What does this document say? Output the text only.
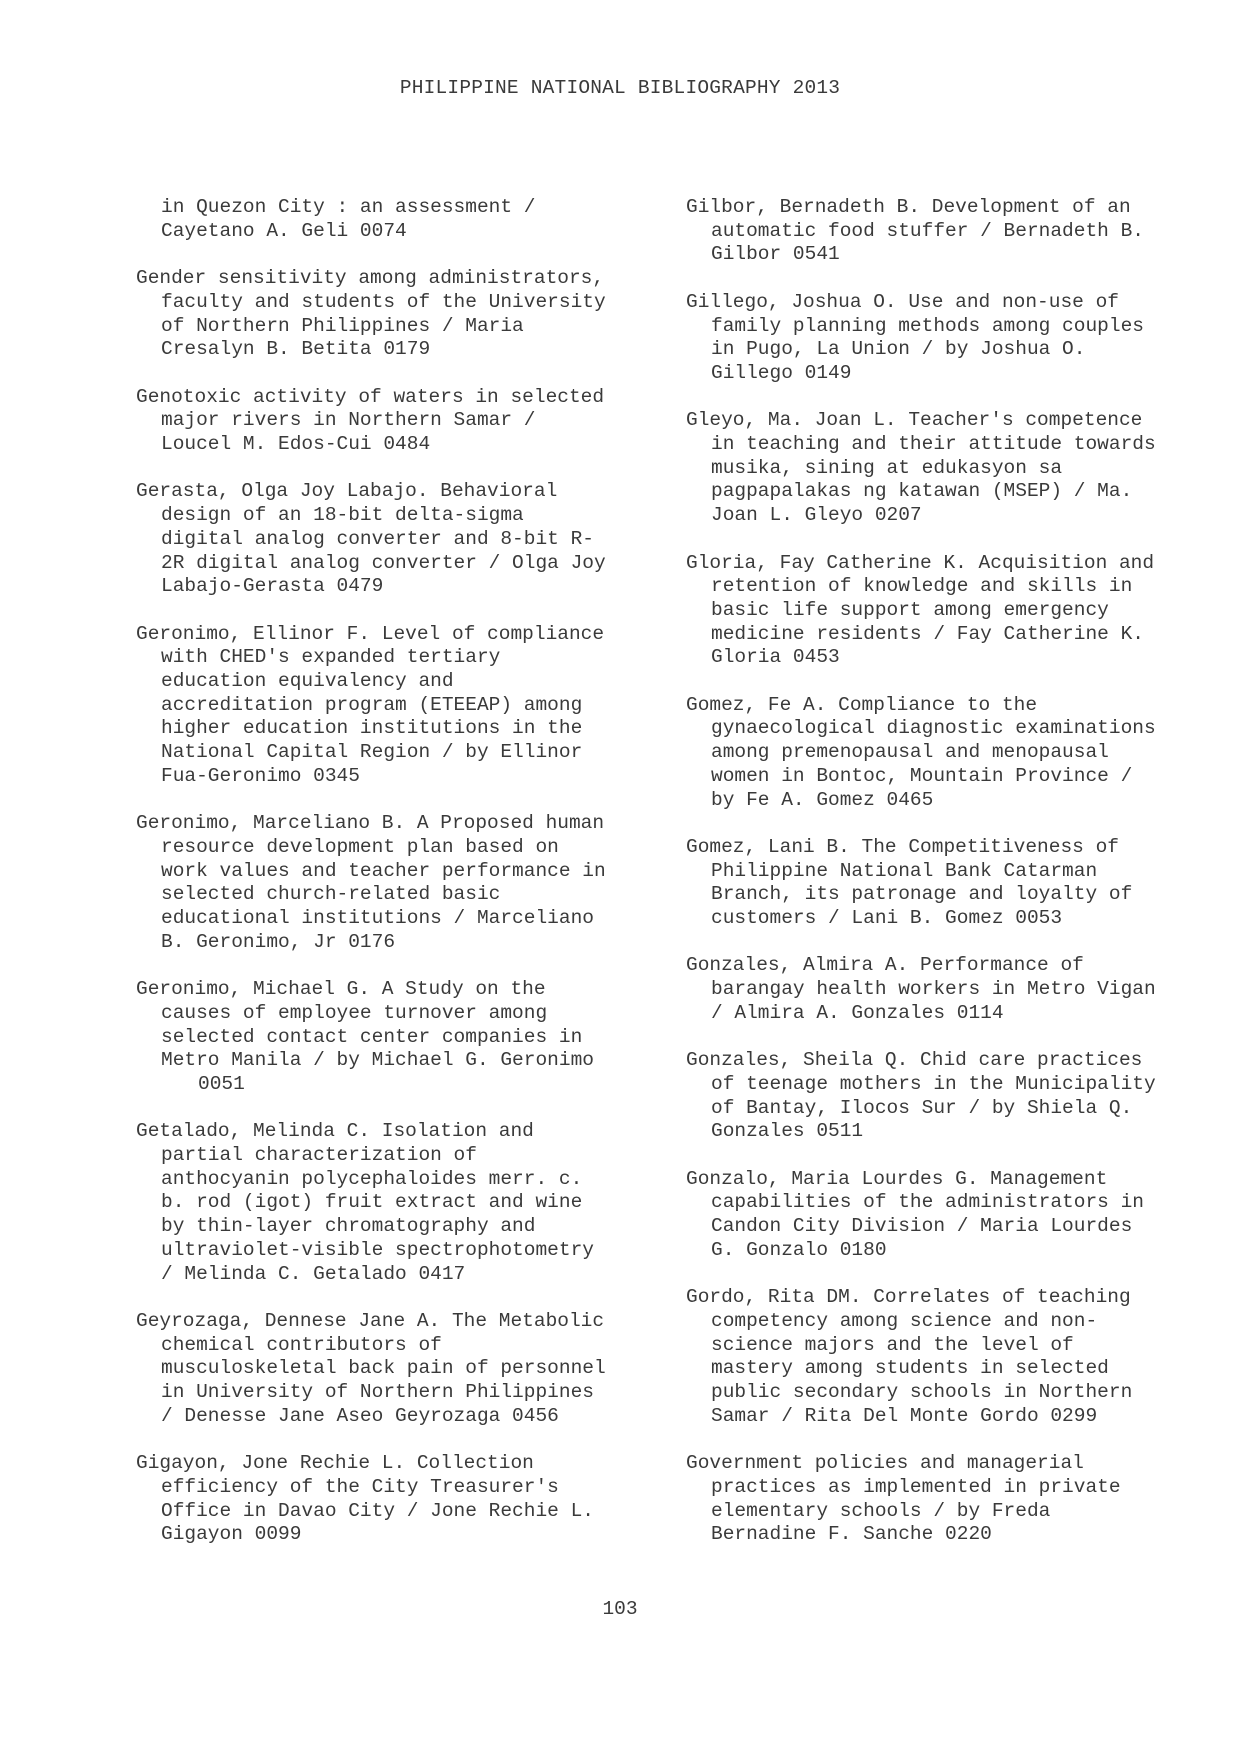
PHILIPPINE NATIONAL BIBLIOGRAPHY 2013
in Quezon City : an assessment /
Cayetano A. Geli 0074
Gender sensitivity among administrators,
faculty and students of the University
of Northern Philippines / Maria
Cresalyn B. Betita 0179
Genotoxic activity of waters in selected
major rivers in Northern Samar /
Loucel M. Edos-Cui 0484
Gerasta, Olga Joy Labajo. Behavioral
design of an 18-bit delta-sigma
digital analog converter and 8-bit R-
2R digital analog converter / Olga Joy
Labajo-Gerasta 0479
Geronimo, Ellinor F. Level of compliance
with CHED's expanded tertiary
education equivalency and
accreditation program (ETEEAP) among
higher education institutions in the
National Capital Region / by Ellinor
Fua-Geronimo 0345
Geronimo, Marceliano B. A Proposed human
resource development plan based on
work values and teacher performance in
selected church-related basic
educational institutions / Marceliano
B. Geronimo, Jr 0176
Geronimo, Michael G. A Study on the
causes of employee turnover among
selected contact center companies in
Metro Manila / by Michael G. Geronimo
0051
Getalado, Melinda C. Isolation and
partial characterization of
anthocyanin polycephaloides merr. c.
b. rod (igot) fruit extract and wine
by thin-layer chromatography and
ultraviolet-visible spectrophotometry
/ Melinda C. Getalado 0417
Geyrozaga, Dennese Jane A. The Metabolic
chemical contributors of
musculoskeletal back pain of personnel
in University of Northern Philippines
/ Denesse Jane Aseo Geyrozaga 0456
Gigayon, Jone Rechie L. Collection
efficiency of the City Treasurer's
Office in Davao City / Jone Rechie L.
Gigayon 0099
Gilbor, Bernadeth B. Development of an
automatic food stuffer / Bernadeth B.
Gilbor 0541
Gillego, Joshua O. Use and non-use of
family planning methods among couples
in Pugo, La Union / by Joshua O.
Gillego 0149
Gleyo, Ma. Joan L. Teacher's competence
in teaching and their attitude towards
musika, sining at edukasyon sa
pagpapalakas ng katawan (MSEP) / Ma.
Joan L. Gleyo 0207
Gloria, Fay Catherine K. Acquisition and
retention of knowledge and skills in
basic life support among emergency
medicine residents / Fay Catherine K.
Gloria 0453
Gomez, Fe A. Compliance to the
gynaecological diagnostic examinations
among premenopausal and menopausal
women in Bontoc, Mountain Province /
by Fe A. Gomez 0465
Gomez, Lani B. The Competitiveness of
Philippine National Bank Catarman
Branch, its patronage and loyalty of
customers / Lani B. Gomez 0053
Gonzales, Almira A. Performance of
barangay health workers in Metro Vigan
/ Almira A. Gonzales 0114
Gonzales, Sheila Q. Chid care practices
of teenage mothers in the Municipality
of Bantay, Ilocos Sur / by Shiela Q.
Gonzales 0511
Gonzalo, Maria Lourdes G. Management
capabilities of the administrators in
Candon City Division / Maria Lourdes
G. Gonzalo 0180
Gordo, Rita DM. Correlates of teaching
competency among science and non-
science majors and the level of
mastery among students in selected
public secondary schools in Northern
Samar / Rita Del Monte Gordo 0299
Government policies and managerial
practices as implemented in private
elementary schools / by Freda
Bernadine F. Sanche 0220
103
